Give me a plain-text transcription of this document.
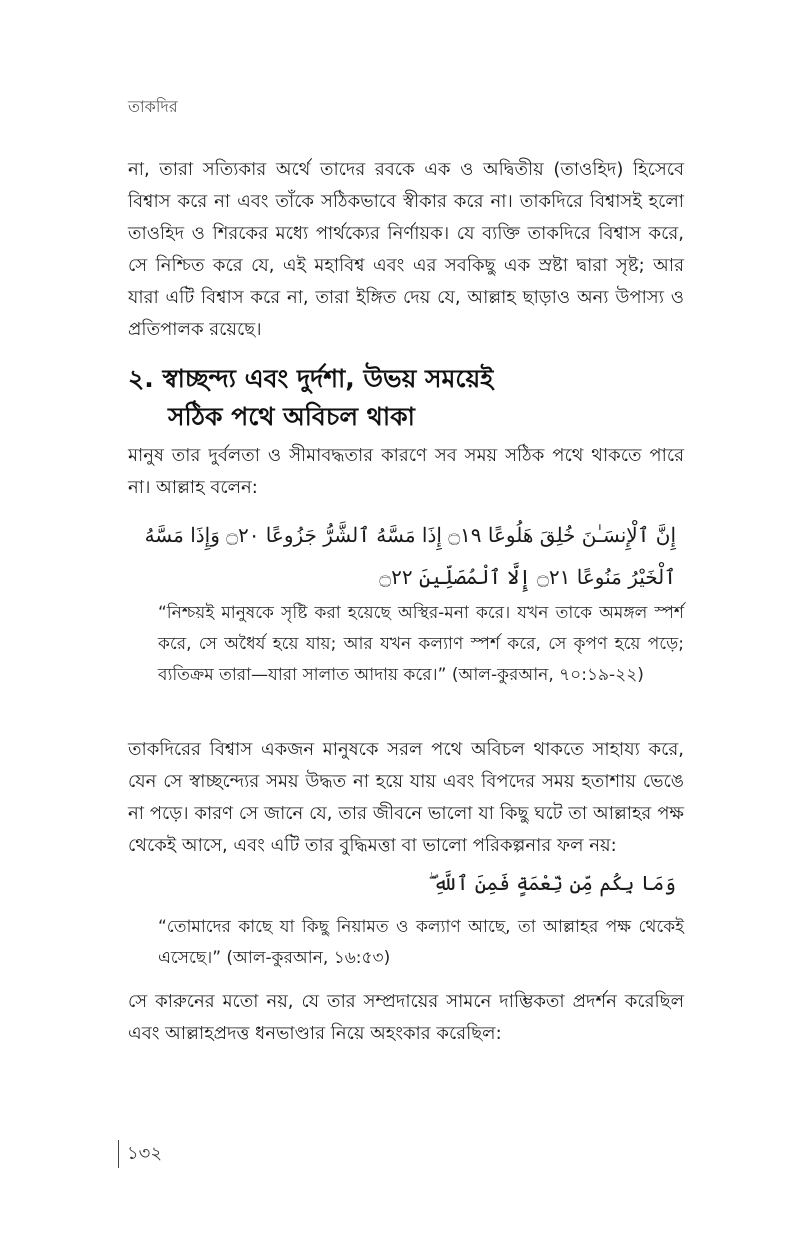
তাকদির

না, তারা সত্যিকার অর্থে তাদের রবকে এক ও অদ্বিতীয় (তাওহিদ) হিসেবে বিশ্বাস করে না এবং তাঁকে সঠিকভাবে স্বীকার করে না। তাকদিরে বিশ্বাসই হলো তাওহিদ ও শিরকের মধ্যে পার্থক্যের নির্ণায়ক। যে ব্যক্তি তাকদিরে বিশ্বাস করে, সে নিশ্চিত করে যে, এই মহাবিশ্ব এবং এর সবকিছু এক স্রষ্টা দ্বারা সৃষ্ট; আর যারা এটি বিশ্বাস করে না, তারা ইঙ্গিত দেয় যে, আল্লাহ ছাড়াও অন্য উপাস্য ও প্রতিপালক রয়েছে।

২. স্বাচ্ছন্দ্য এবং দুর্দশা, উভয় সময়েই
সঠিক পথে অবিচল থাকা

মানুষ তার দুর্বলতা ও সীমাবদ্ধতার কারণে সব সময় সঠিক পথে থাকতে পারে না। আল্লাহ বলেন:

إِنَّ ٱلْإِنسَـٰنَ خُلِقَ هَلُوعًا ۝١٩ إِذَا مَسَّهُ ٱلشَّرُّ جَزُوعًا ۝٢٠ وَإِذَا مَسَّهُ ٱلْخَيْرُ مَنُوعًا ۝٢١ إِلَّا ٱلْمُصَلِّينَ ۝٢٢

“নিশ্চয়ই মানুষকে সৃষ্টি করা হয়েছে অস্থির-মনা করে। যখন তাকে অমঙ্গল স্পর্শ করে, সে অধৈর্য হয়ে যায়; আর যখন কল্যাণ স্পর্শ করে, সে কৃপণ হয়ে পড়ে; ব্যতিক্রম তারা—যারা সালাত আদায় করে।” (আল-কুরআন, ৭০:১৯-২২)

তাকদিরের বিশ্বাস একজন মানুষকে সরল পথে অবিচল থাকতে সাহায্য করে, যেন সে স্বাচ্ছন্দ্যের সময় উদ্ধত না হয়ে যায় এবং বিপদের সময় হতাশায় ভেঙে না পড়ে। কারণ সে জানে যে, তার জীবনে ভালো যা কিছু ঘটে তা আল্লাহর পক্ষ থেকেই আসে, এবং এটি তার বুদ্ধিমত্তা বা ভালো পরিকল্পনার ফল নয়:

وَمَا بِكُم مِّن نِّعْمَةٍ فَمِنَ ٱللَّهِ ۖ

“তোমাদের কাছে যা কিছু নিয়ামত ও কল্যাণ আছে, তা আল্লাহর পক্ষ থেকেই এসেছে।” (আল-কুরআন, ১৬:৫৩)

সে কারুনের মতো নয়, যে তার সম্প্রদায়ের সামনে দাম্ভিকতা প্রদর্শন করেছিল এবং আল্লাহপ্রদত্ত ধনভাণ্ডার নিয়ে অহংকার করেছিল:

১৩২
